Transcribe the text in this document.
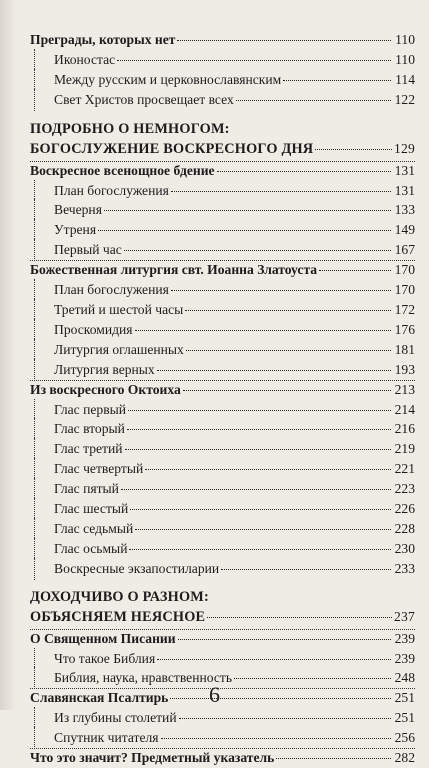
Преграды, которых нет	110
Иконостас	110
Между русским и церковнославянским	114
Свет Христов просвещает всех	122
ПОДРОБНО О НЕМНОГОМ:
БОГОСЛУЖЕНИЕ ВОСКРЕСНОГО ДНЯ	129
Воскресное всенощное бдение	131
План богослужения	131
Вечерня	133
Утреня	149
Первый час	167
Божественная литургия свт. Иоанна Златоуста	170
План богослужения	170
Третий и шестой часы	172
Проскомидия	176
Литургия оглашенных	181
Литургия верных	193
Из воскресного Октоиха	213
Глас первый	214
Глас вторый	216
Глас третий	219
Глас четвертый	221
Глас пятый	223
Глас шестый	226
Глас седьмый	228
Глас осьмый	230
Воскресные экзапостиларии	233
ДОХОДЧИВО О РАЗНОМ:
ОБЪЯСНЯЕМ НЕЯСНОЕ	237
О Священном Писании	239
Что такое Библия	239
Библия, наука, нравственность	248
Славянская Псалтирь	251
Из глубины столетий	251
Спутник читателя	256
Что это значит? Предметный указатель	282
6
